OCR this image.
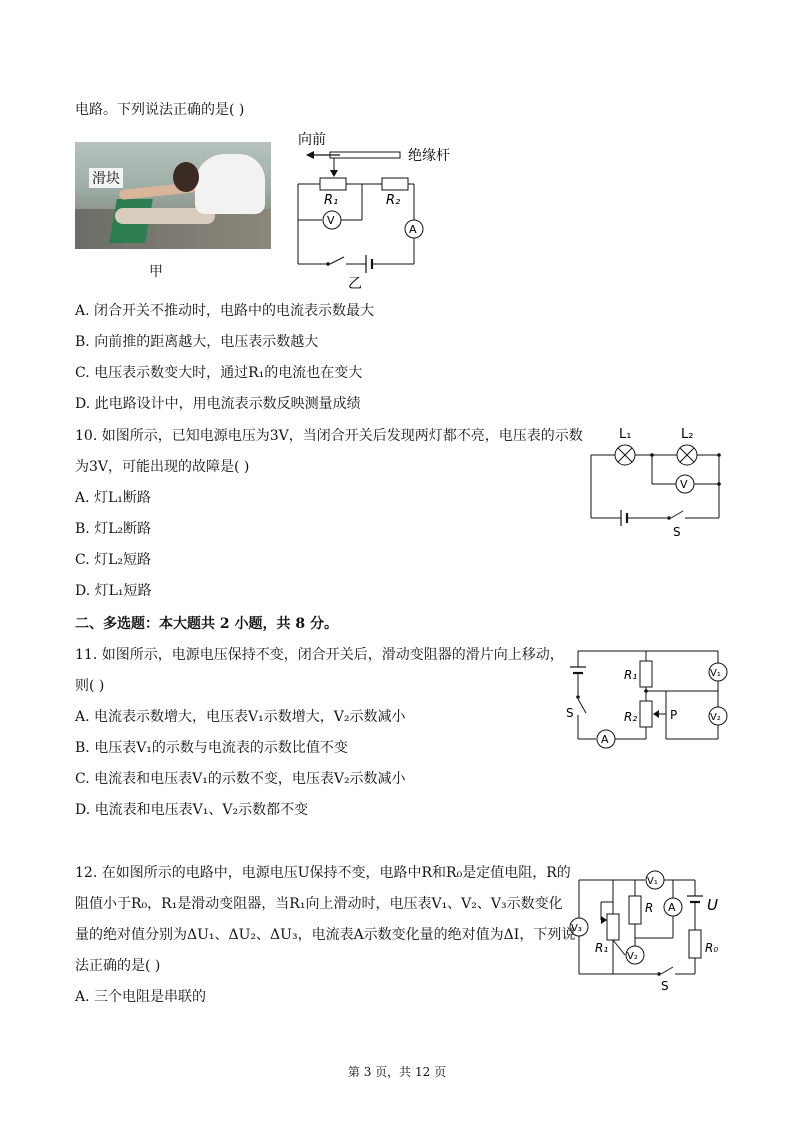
电路。下列说法正确的是( )
滑块
甲
向前
绝缘杆
R₁	R₂
V
A
乙
A. 闭合开关不推动时，电路中的电流表示数最大
B. 向前推的距离越大，电压表示数越大
C. 电压表示数变大时，通过R₁的电流也在变大
D. 此电路设计中，用电流表示数反映测量成绩
10. 如图所示，已知电源电压为3V，当闭合开关后发现两灯都不亮，电压表的示数
为3V，可能出现的故障是( )
L₁	L₂
V
S
A. 灯L₁断路
B. 灯L₂断路
C. 灯L₂短路
D. 灯L₁短路
二、多选题：本大题共 2 小题，共 8 分。
11. 如图所示，电源电压保持不变，闭合开关后，滑动变阻器的滑片向上移动，
则( )
S
A
R₁
R₂	P
V₁
V₂
A. 电流表示数增大，电压表V₁示数增大，V₂示数减小
B. 电压表V₁的示数与电流表的示数比值不变
C. 电流表和电压表V₁的示数不变，电压表V₂示数减小
D. 电流表和电压表V₁、V₂示数都不变
12. 在如图所示的电路中，电源电压U保持不变，电路中R和R₀是定值电阻，R的
阻值小于R₀，R₁是滑动变阻器，当R₁向上滑动时，电压表V₁、V₂、V₃示数变化
量的绝对值分别为ΔU₁、ΔU₂、ΔU₃，电流表A示数变化量的绝对值为ΔI，下列说
法正确的是( )
A. 三个电阻是串联的
V₁
V₃
R₁
R
V₂
A U
R₀
S
第 3 页，共 12 页
